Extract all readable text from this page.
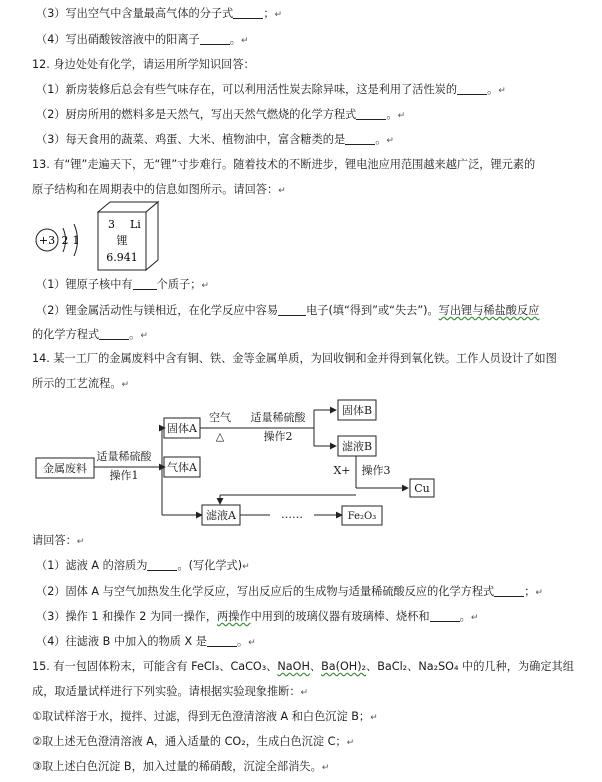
（3）写出空气中含量最高气体的分子式	；↵
（4）写出硝酸铵溶液中的阳离子	。↵
12. 身边处处有化学，请运用所学知识回答：
（1）新房装修后总会有些气味存在，可以利用活性炭去除异味，这是利用了活性炭的	。↵
（2）厨房所用的燃料多是天然气，写出天然气燃烧的化学方程式	。↵
（3）每天食用的蔬菜、鸡蛋、大米、植物油中，富含糖类的是	。↵
13. 有“锂”走遍天下，无“锂”寸步难行。随着技术的不断进步，锂电池应用范围越来越广泛，锂元素的
原子结构和在周期表中的信息如图所示。请回答：↵
+3 2 1
3 Li
锂
6.941
（1）锂原子核中有 个质子；↵
（2）锂金属活动性与镁相近，在化学反应中容易	电子(填“得到”或“失去”)。写出锂与稀盐酸反应
的化学方程式	。↵
14. 某一工厂的金属废料中含有铜、铁、金等金属单质，为回收铜和金并得到氧化铁。工作人员设计了如图
所示的工艺流程。↵
金属废料
适量稀硫酸
操作1
固体A
气体A
空气
△
适量稀硫酸
操作2
固体B
滤液B
X+ 操作3
Cu
滤液A	……	Fe₂O₃
请回答：↵
（1）滤液 A 的溶质为	。(写化学式)↵
（2）固体 A 与空气加热发生化学反应，写出反应后的生成物与适量稀硫酸反应的化学方程式	；↵
（3）操作 1 和操作 2 为同一操作，两操作中用到的玻璃仪器有玻璃棒、烧杯和	。↵
（4）往滤液 B 中加入的物质 X 是	。↵
15. 有一包固体粉末，可能含有 FeCl₃、CaCO₃、NaOH、Ba(OH)₂、BaCl₂、Na₂SO₄ 中的几种，为确定其组
成，取适量试样进行下列实验。请根据实验现象推断：↵
①取试样溶于水，搅拌、过滤，得到无色澄清溶液 A 和白色沉淀 B；↵
②取上述无色澄清溶液 A，通入适量的 CO₂，生成白色沉淀 C；↵
③取上述白色沉淀 B，加入过量的稀硝酸，沉淀全部消失。↵
